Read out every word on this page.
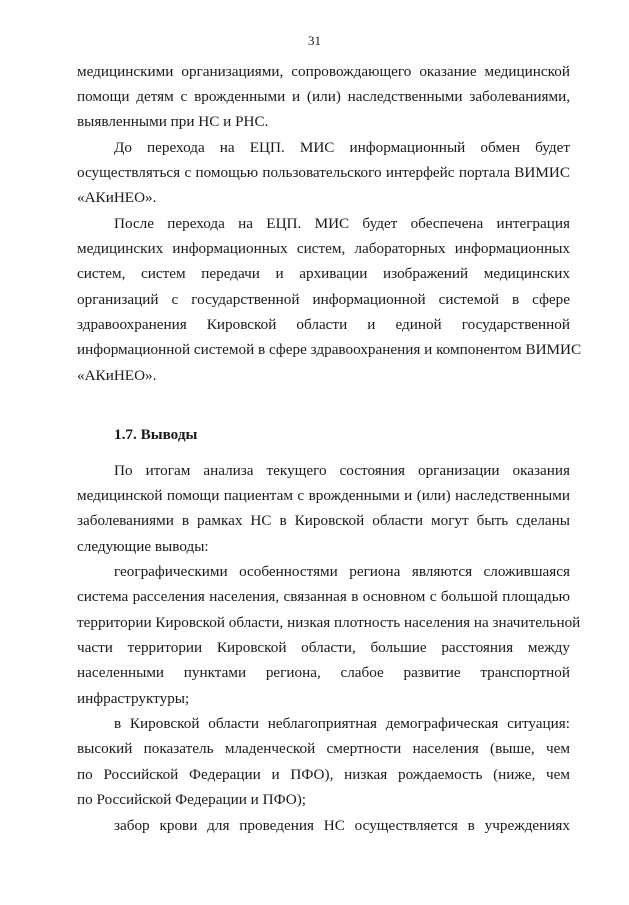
31
медицинскими организациями, сопровождающего оказание медицинской
помощи детям с врожденными и (или) наследственными заболеваниями,
выявленными при НС и РНС.
До перехода на ЕЦП. МИС информационный обмен будет
осуществляться с помощью пользовательского интерфейс портала ВИМИС
«АКиНЕО».
После перехода на ЕЦП. МИС будет обеспечена интеграция
медицинских информационных систем, лабораторных информационных
систем, систем передачи и архивации изображений медицинских
организаций с государственной информационной системой в сфере
здравоохранения Кировской области и единой государственной
информационной системой в сфере здравоохранения и компонентом ВИМИС
«АКиНЕО».
1.7. Выводы
По итогам анализа текущего состояния организации оказания
медицинской помощи пациентам с врожденными и (или) наследственными
заболеваниями в рамках НС в Кировской области могут быть сделаны
следующие выводы:
географическими особенностями региона являются сложившаяся
система расселения населения, связанная в основном с большой площадью
территории Кировской области, низкая плотность населения на значительной
части территории Кировской области, большие расстояния между
населенными пунктами региона, слабое развитие транспортной
инфраструктуры;
в Кировской области неблагоприятная демографическая ситуация:
высокий показатель младенческой смертности населения (выше, чем
по Российской Федерации и ПФО), низкая рождаемость (ниже, чем
по Российской Федерации и ПФО);
забор крови для проведения НС осуществляется в учреждениях
